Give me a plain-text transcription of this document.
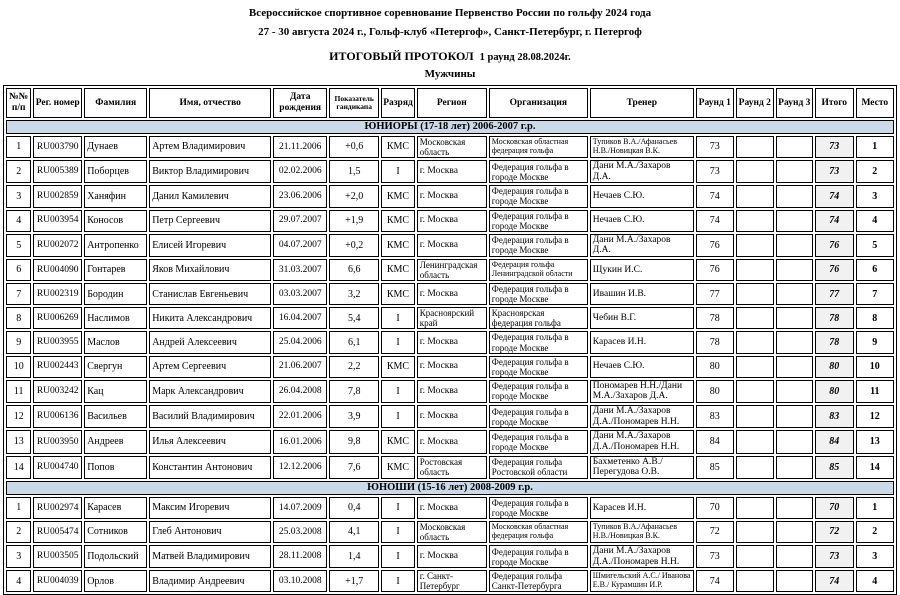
Всероссийское спортивное соревнование Первенство России по гольфу 2024 года
27 - 30 августа 2024 г., Гольф-клуб «Петергоф», Санкт-Петербург, г. Петергоф
ИТОГОВЫЙ ПРОТОКОЛ 1 раунд 28.08.2024г.
Мужчины
№№ п/п	Рег. номер	Фамилия	Имя, отчество	Дата рождения	Показатель гандикапа	Разряд	Регион	Организация	Тренер	Раунд 1	Раунд 2	Раунд 3	Итого	Место
ЮНИОРЫ (17-18 лет) 2006-2007 г.р.														
1	RU003790	Дунаев	Артем Владимирович	21.11.2006	+0,6	КМС	Московская область	Московская областная федерация гольфа	Тупиков В.А./Афанасьев Н.В./Новицкая В.К.	73			73	1
2	RU005389	Поборцев	Виктор Владимирович	02.02.2006	1,5	I	г. Москва	Федерация гольфа в городе Москве	Дани М.А./Захаров Д.А.	73			73	2
3	RU002859	Ханяфин	Данил Камилевич	23.06.2006	+2,0	КМС	г. Москва	Федерация гольфа в городе Москве	Нечаев С.Ю.	74			74	3
4	RU003954	Коносов	Петр Сергеевич	29.07.2007	+1,9	КМС	г. Москва	Федерация гольфа в городе Москве	Нечаев С.Ю.	74			74	4
5	RU002072	Антропенко	Елисей Игоревич	04.07.2007	+0,2	КМС	г. Москва	Федерация гольфа в городе Москве	Дани М.А./Захаров Д.А.	76			76	5
6	RU004090	Гонтарев	Яков Михайлович	31.03.2007	6,6	КМС	Ленинградская область	Федерация гольфа Ленинградской области	Щукин И.С.	76			76	6
7	RU002319	Бородин	Станислав Евгеньевич	03.03.2007	3,2	КМС	г. Москва	Федерация гольфа в городе Москве	Ивашин И.В.	77			77	7
8	RU006269	Наслимов	Никита Александрович	16.04.2007	5,4	I	Красноярский край	Красноярская федерация гольфа	Чебин В.Г.	78			78	8
9	RU003955	Маслов	Андрей Алексеевич	25.04.2006	6,1	I	г. Москва	Федерация гольфа в городе Москве	Карасев И.Н.	78			78	9
10	RU002443	Свергун	Артем Сергеевич	21.06.2007	2,2	КМС	г. Москва	Федерация гольфа в городе Москве	Нечаев С.Ю.	80			80	10
11	RU003242	Кац	Марк Александрович	26.04.2008	7,8	I	г. Москва	Федерация гольфа в городе Москве	Пономарев Н.Н./Дани М.А./Захаров Д.А.	80			80	11
12	RU006136	Васильев	Василий Владимирович	22.01.2006	3,9	I	г. Москва	Федерация гольфа в городе Москве	Дани М.А./Захаров Д.А./Пономарев Н.Н.	83			83	12
13	RU003950	Андреев	Илья Алексеевич	16.01.2006	9,8	КМС	г. Москва	Федерация гольфа в городе Москве	Дани М.А./Захаров Д.А./Пономарев Н.Н.	84			84	13
14	RU004740	Попов	Константин Антонович	12.12.2006	7,6	КМС	Ростовская область	Федерация гольфа Ростовской области	Бахметенко А.В./Перегудова О.В.	85			85	14
ЮНОШИ (15-16 лет) 2008-2009 г.р.														
1	RU002974	Карасев	Максим Игоревич	14.07.2009	0,4	I	г. Москва	Федерация гольфа в городе Москве	Карасев И.Н.	70			70	1
2	RU005474	Сотников	Глеб Антонович	25.03.2008	4,1	I	Московская область	Московская областная федерация гольфа	Тупиков В.А./Афанасьев Н.В./Новицкая В.К.	72			72	2
3	RU003505	Подольский	Матвей Владимирович	28.11.2008	1,4	I	г. Москва	Федерация гольфа в городе Москве	Дани М.А./Захаров Д.А./Пономарев Н.Н.	73			73	3
4	RU004039	Орлов	Владимир Андреевич	03.10.2008	+1,7	I	г. Санкт-Петербург	Федерация гольфа Санкт-Петербурга	Шмигельский А.С./ Иванова Е.В./ Курамшин И.Р.	74			74	4
